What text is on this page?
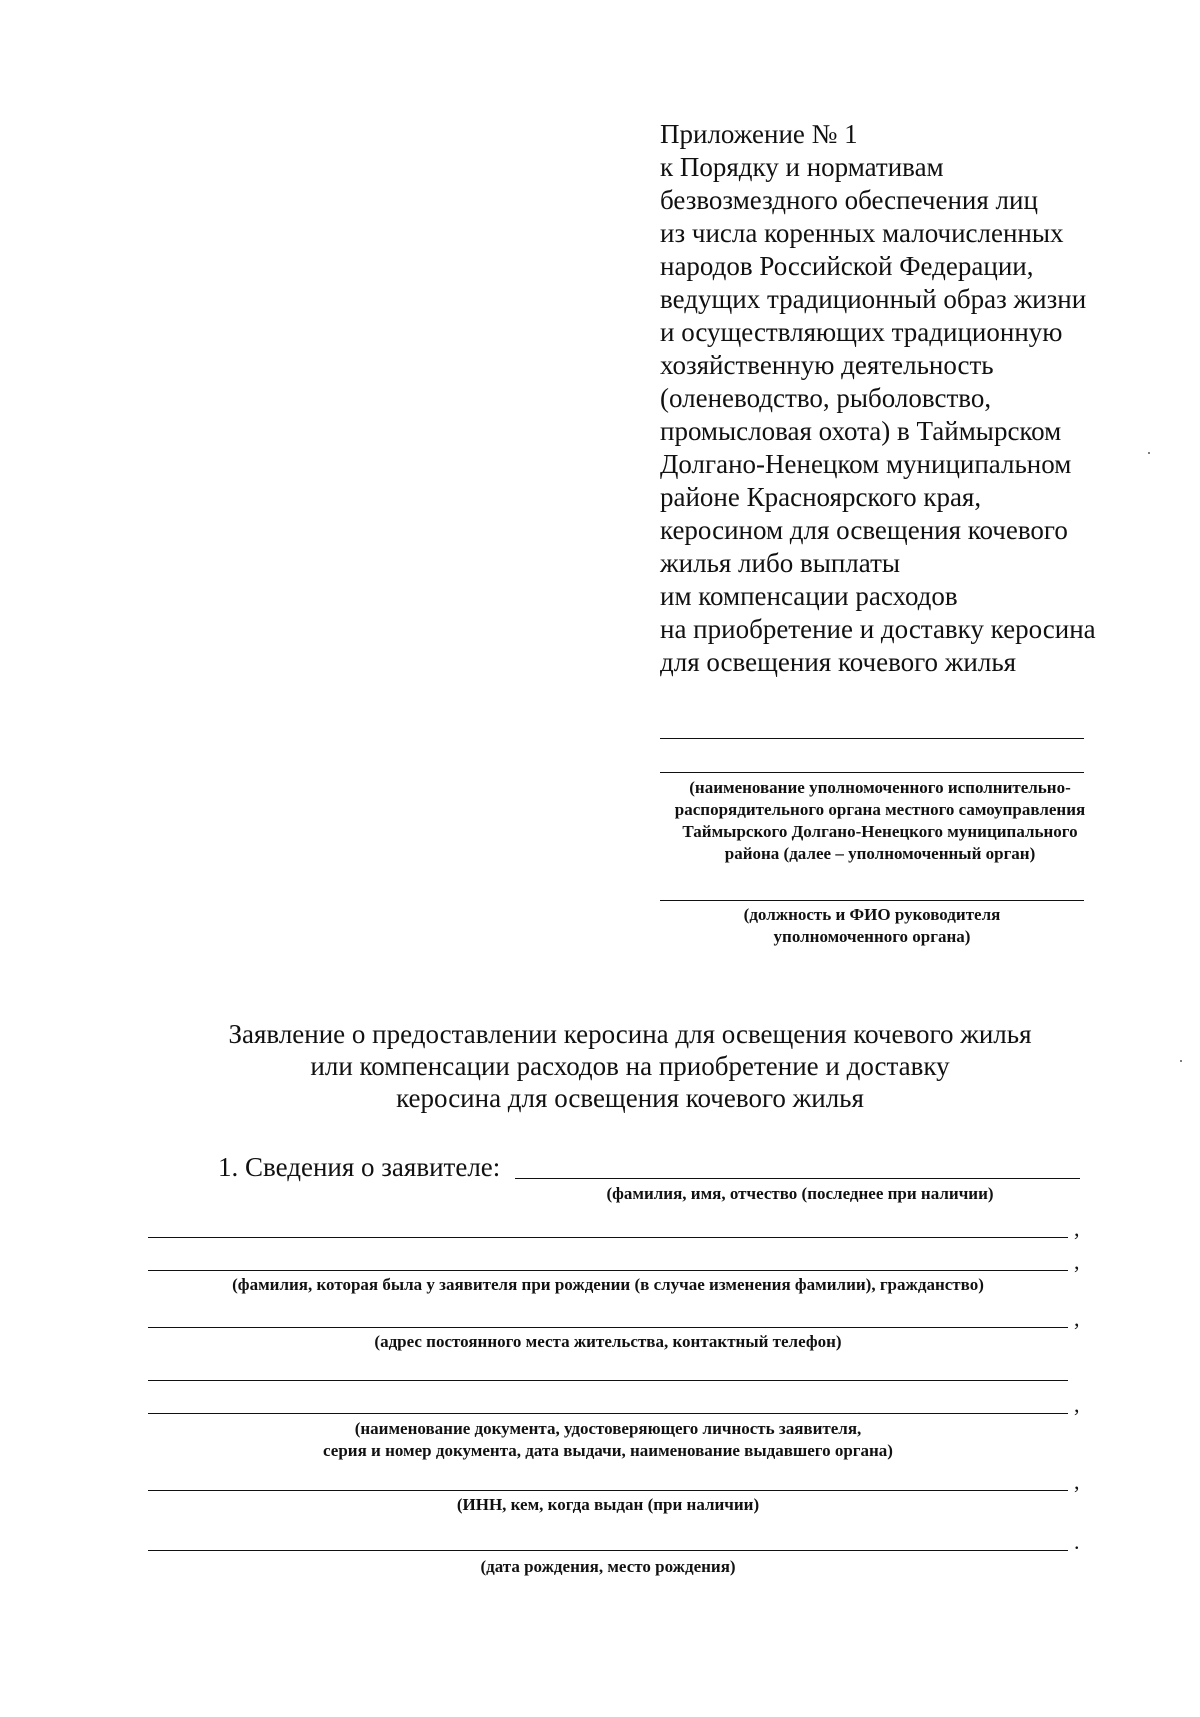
Приложение № 1
к Порядку и нормативам
безвозмездного обеспечения лиц
из числа коренных малочисленных
народов Российской Федерации,
ведущих традиционный образ жизни
и осуществляющих традиционную
хозяйственную деятельность
(оленеводство, рыболовство,
промысловая охота) в Таймырском
Долгано-Ненецком муниципальном
районе Красноярского края,
керосином для освещения кочевого
жилья либо выплаты
им компенсации расходов
на приобретение и доставку керосина
для освещения кочевого жилья
(наименование уполномоченного исполнительно-
распорядительного органа местного самоуправления
Таймырского Долгано-Ненецкого муниципального
района (далее – уполномоченный орган)
(должность и ФИО руководителя
уполномоченного органа)
Заявление о предоставлении керосина для освещения кочевого жилья
или компенсации расходов на приобретение и доставку
керосина для освещения кочевого жилья
1. Сведения о заявителе:
(фамилия, имя, отчество (последнее при наличии)
,
,
(фамилия, которая была у заявителя при рождении (в случае изменения фамилии), гражданство)
,
(адрес постоянного места жительства, контактный телефон)
,
(наименование документа, удостоверяющего личность заявителя,
серия и номер документа, дата выдачи, наименование выдавшего органа)
,
(ИНН, кем, когда выдан (при наличии)
.
(дата рождения, место рождения)
